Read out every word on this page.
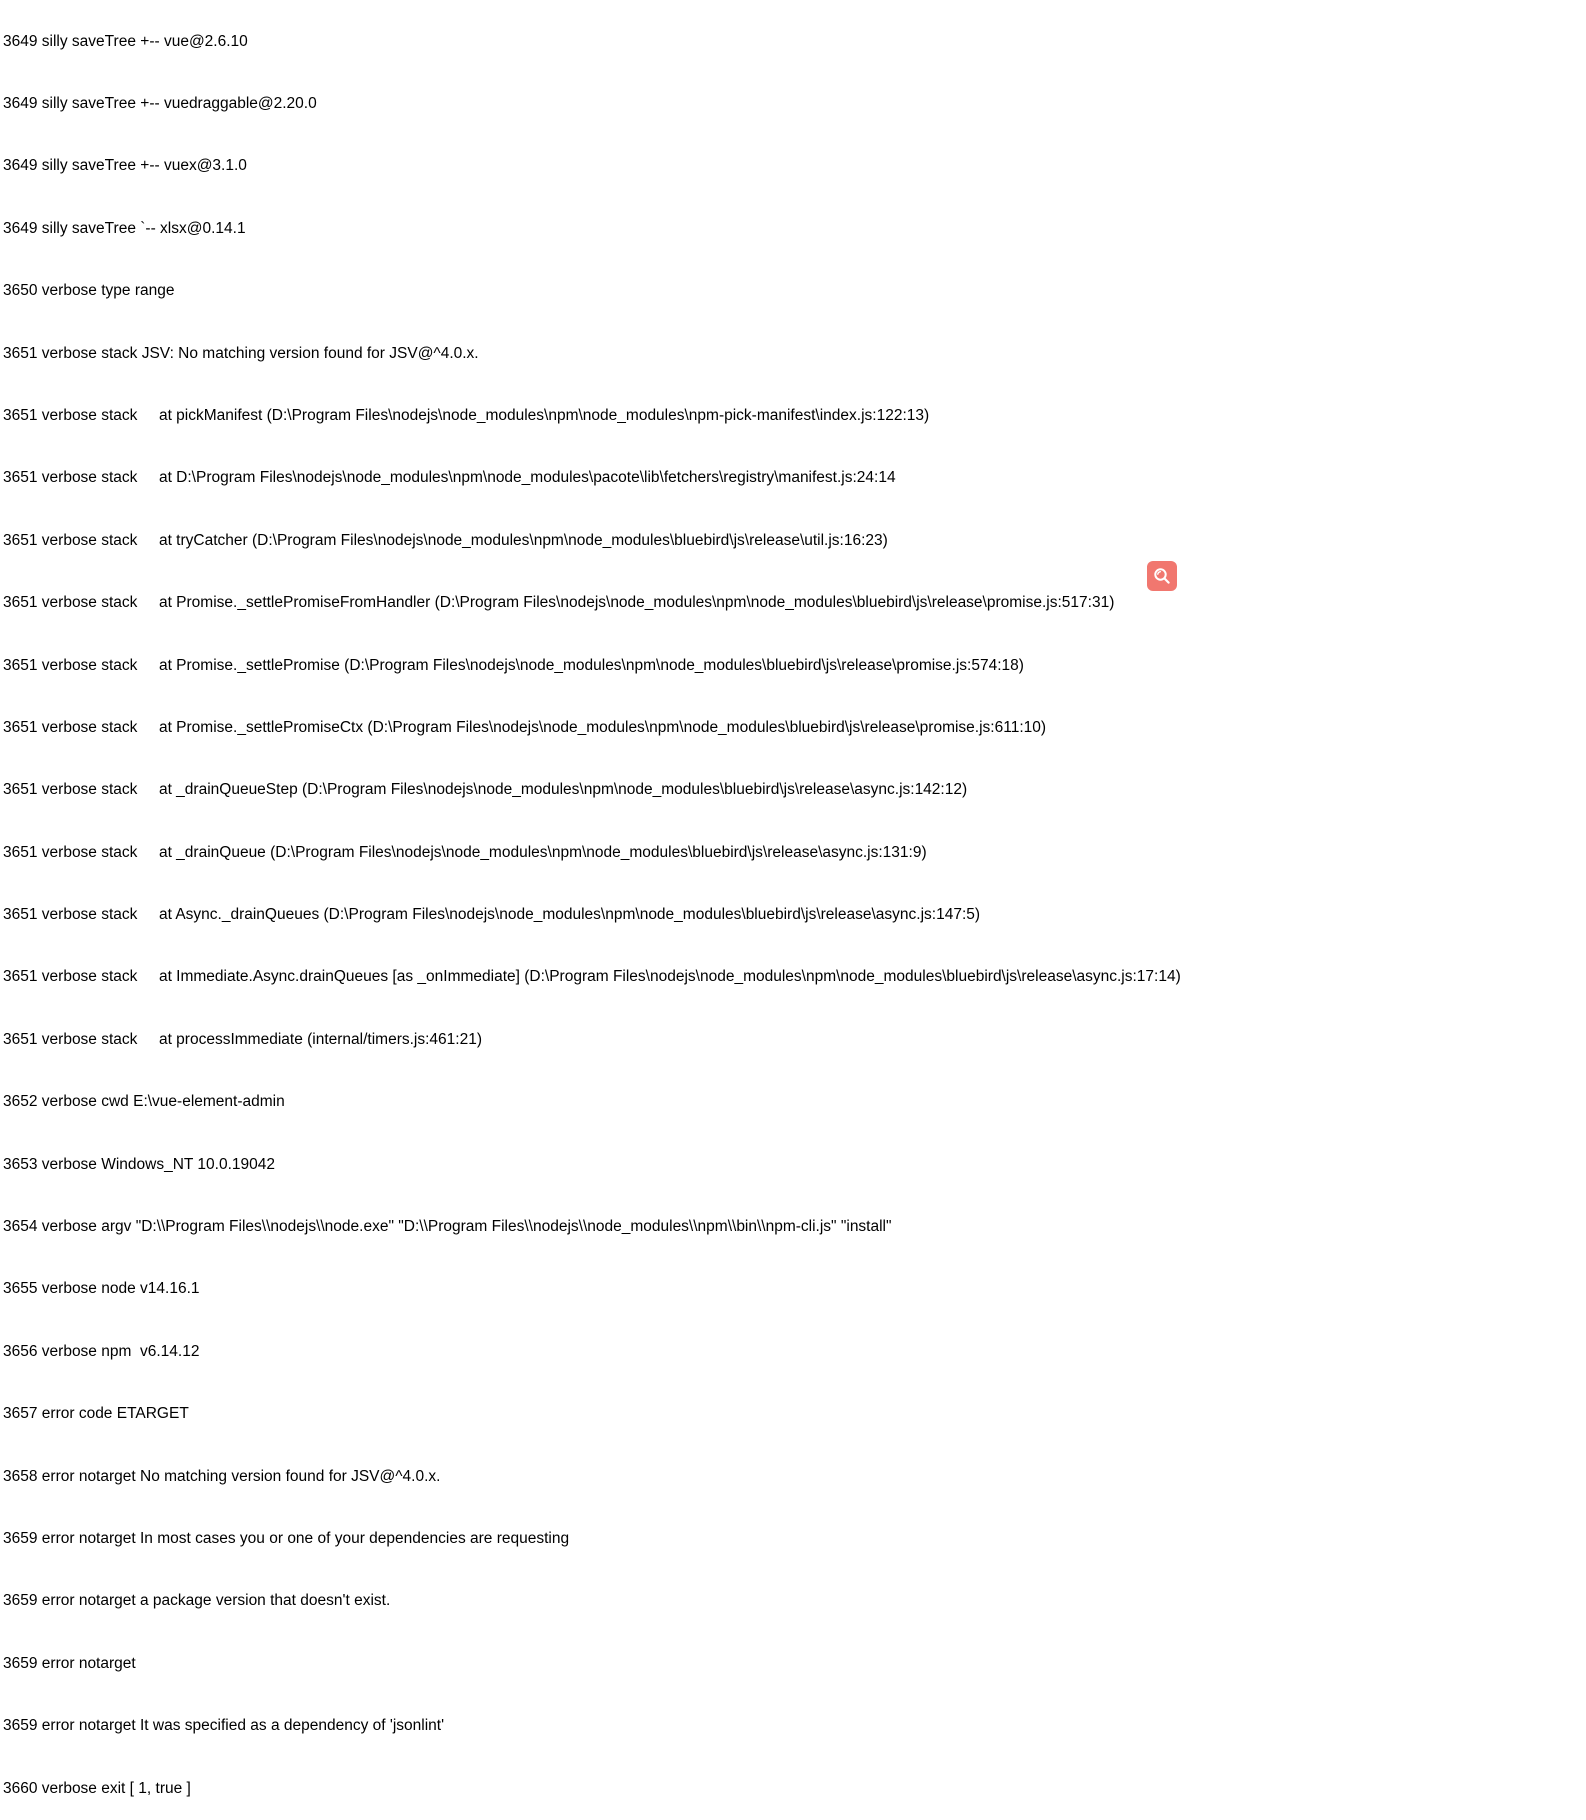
3649 silly saveTree +-- vue@2.6.10

3649 silly saveTree +-- vuedraggable@2.20.0

3649 silly saveTree +-- vuex@3.1.0

3649 silly saveTree `-- xlsx@0.14.1

3650 verbose type range

3651 verbose stack JSV: No matching version found for JSV@^4.0.x.

3651 verbose stack     at pickManifest (D:\Program Files\nodejs\node_modules\npm\node_modules\npm-pick-manifest\index.js:122:13)

3651 verbose stack     at D:\Program Files\nodejs\node_modules\npm\node_modules\pacote\lib\fetchers\registry\manifest.js:24:14

3651 verbose stack     at tryCatcher (D:\Program Files\nodejs\node_modules\npm\node_modules\bluebird\js\release\util.js:16:23)

3651 verbose stack     at Promise._settlePromiseFromHandler (D:\Program Files\nodejs\node_modules\npm\node_modules\bluebird\js\release\promise.js:517:31)

3651 verbose stack     at Promise._settlePromise (D:\Program Files\nodejs\node_modules\npm\node_modules\bluebird\js\release\promise.js:574:18)

3651 verbose stack     at Promise._settlePromiseCtx (D:\Program Files\nodejs\node_modules\npm\node_modules\bluebird\js\release\promise.js:611:10)

3651 verbose stack     at _drainQueueStep (D:\Program Files\nodejs\node_modules\npm\node_modules\bluebird\js\release\async.js:142:12)

3651 verbose stack     at _drainQueue (D:\Program Files\nodejs\node_modules\npm\node_modules\bluebird\js\release\async.js:131:9)

3651 verbose stack     at Async._drainQueues (D:\Program Files\nodejs\node_modules\npm\node_modules\bluebird\js\release\async.js:147:5)

3651 verbose stack     at Immediate.Async.drainQueues [as _onImmediate] (D:\Program Files\nodejs\node_modules\npm\node_modules\bluebird\js\release\async.js:17:14)

3651 verbose stack     at processImmediate (internal/timers.js:461:21)

3652 verbose cwd E:\vue-element-admin

3653 verbose Windows_NT 10.0.19042

3654 verbose argv "D:\\Program Files\\nodejs\\node.exe" "D:\\Program Files\\nodejs\\node_modules\\npm\\bin\\npm-cli.js" "install"

3655 verbose node v14.16.1

3656 verbose npm  v6.14.12

3657 error code ETARGET

3658 error notarget No matching version found for JSV@^4.0.x.

3659 error notarget In most cases you or one of your dependencies are requesting

3659 error notarget a package version that doesn't exist.

3659 error notarget

3659 error notarget It was specified as a dependency of 'jsonlint'

3660 verbose exit [ 1, true ]
